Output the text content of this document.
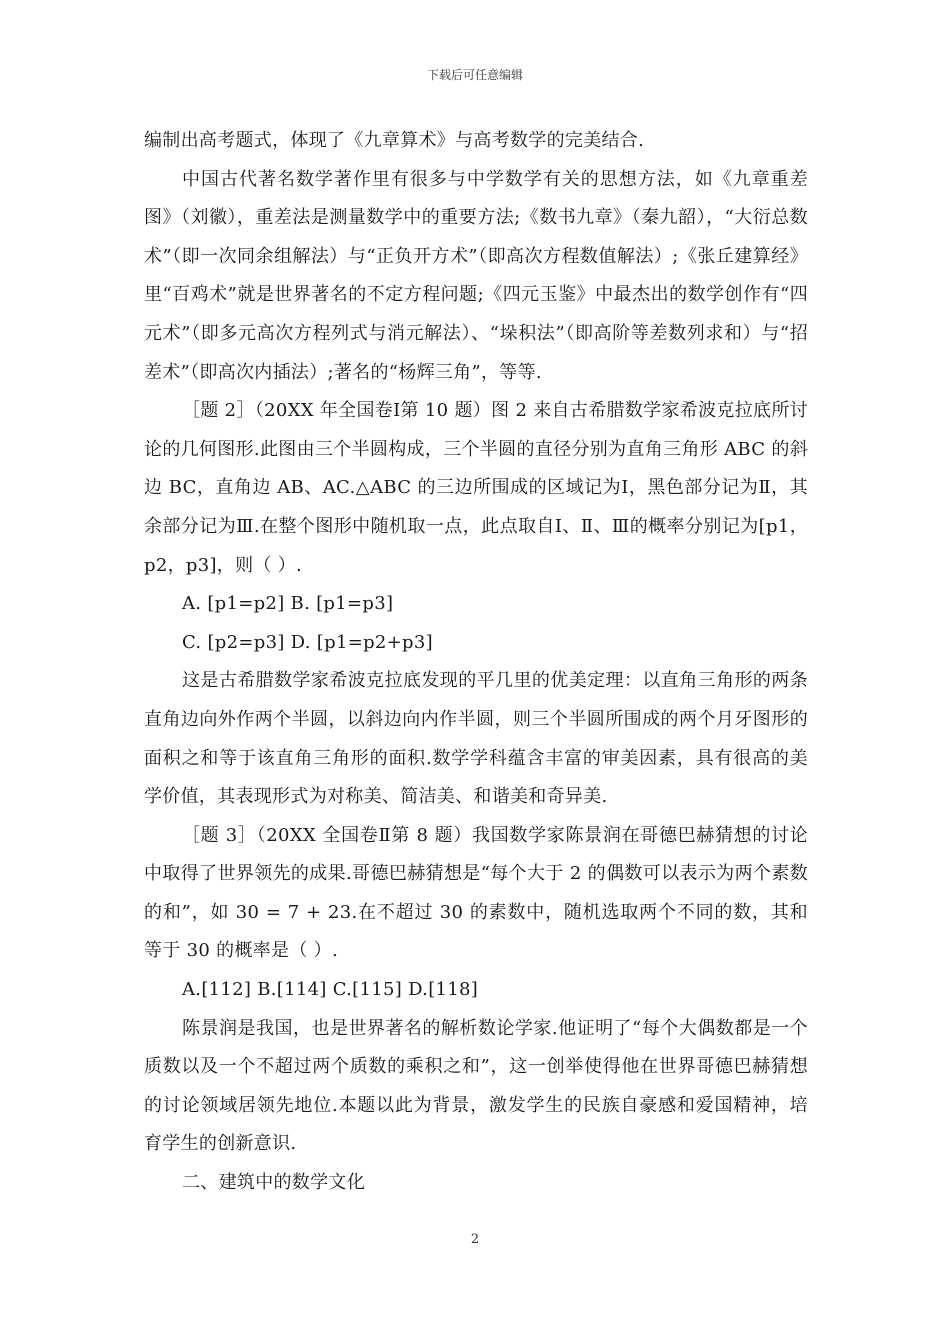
下载后可任意编辑

编制出高考题式，体现了《九章算术》与高考数学的完美结合.

中国古代著名数学著作里有很多与中学数学有关的思想方法，如《九章重差图》（刘徽），重差法是测量数学中的重要方法;《数书九章》（秦九韶），“大衍总数术”（即一次同余组解法）与“正负开方术”（即高次方程数值解法）;《张丘建算经》里“百鸡术”就是世界著名的不定方程问题;《四元玉鉴》中最杰出的数学创作有“四元术”（即多元高次方程列式与消元解法）、“垛积法”（即高阶等差数列求和）与“招差术”（即高次内插法）;著名的“杨辉三角”，等等.

［题 2］（20XX 年全国卷Ⅰ第 10 题）图 2 来自古希腊数学家希波克拉底所讨论的几何图形.此图由三个半圆构成，三个半圆的直径分别为直角三角形 ABC 的斜边 BC，直角边 AB、AC.△ABC 的三边所围成的区域记为Ⅰ，黑色部分记为Ⅱ，其余部分记为Ⅲ.在整个图形中随机取一点，此点取自Ⅰ、Ⅱ、Ⅲ的概率分别记为[p1，p2，p3]，则（ ）.

A. [p1=p2] B. [p1=p3]

C. [p2=p3] D. [p1=p2+p3]

这是古希腊数学家希波克拉底发现的平几里的优美定理：以直角三角形的两条直角边向外作两个半圆，以斜边向内作半圆，则三个半圆所围成的两个月牙图形的面积之和等于该直角三角形的面积.数学学科蕴含丰富的审美因素，具有很高的美学价值，其表现形式为对称美、简洁美、和谐美和奇异美.

［题 3］（20XX 全国卷Ⅱ第 8 题）我国数学家陈景润在哥德巴赫猜想的讨论中取得了世界领先的成果.哥德巴赫猜想是“每个大于 2 的偶数可以表示为两个素数的和”，如 30 = 7 + 23.在不超过 30 的素数中，随机选取两个不同的数，其和等于 30 的概率是（ ）.

A.[112] B.[114] C.[115] D.[118]

陈景润是我国，也是世界著名的解析数论学家.他证明了“每个大偶数都是一个质数以及一个不超过两个质数的乘积之和”，这一创举使得他在世界哥德巴赫猜想的讨论领域居领先地位.本题以此为背景，激发学生的民族自豪感和爱国精神，培育学生的创新意识.

二、建筑中的数学文化

2
